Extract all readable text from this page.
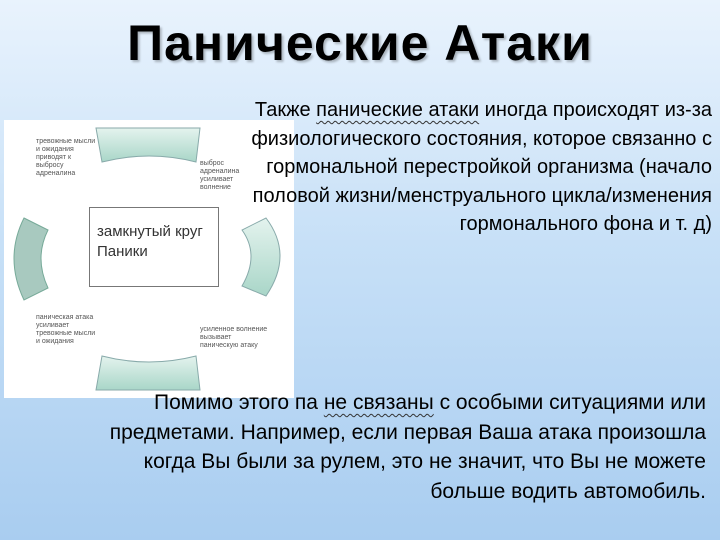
Панические Атаки
тревожные мысли и ожидания приводят к выбросу адреналина
выброс адреналина усиливает волнение
усиленное волнение вызывает паническую атаку
паническая атака усиливает тревожные мысли и ожидания
замкнутый круг Паники
Также панические атаки иногда происходят из-за физиологического состояния, которое связанно с гормональной перестройкой организма (начало половой жизни/менструального цикла/изменения гормонального фона и т. д)
Помимо этого па не связаны с особыми ситуациями или предметами. Например, если первая Ваша атака произошла когда Вы были за рулем, это не значит, что Вы не можете больше водить автомобиль.
